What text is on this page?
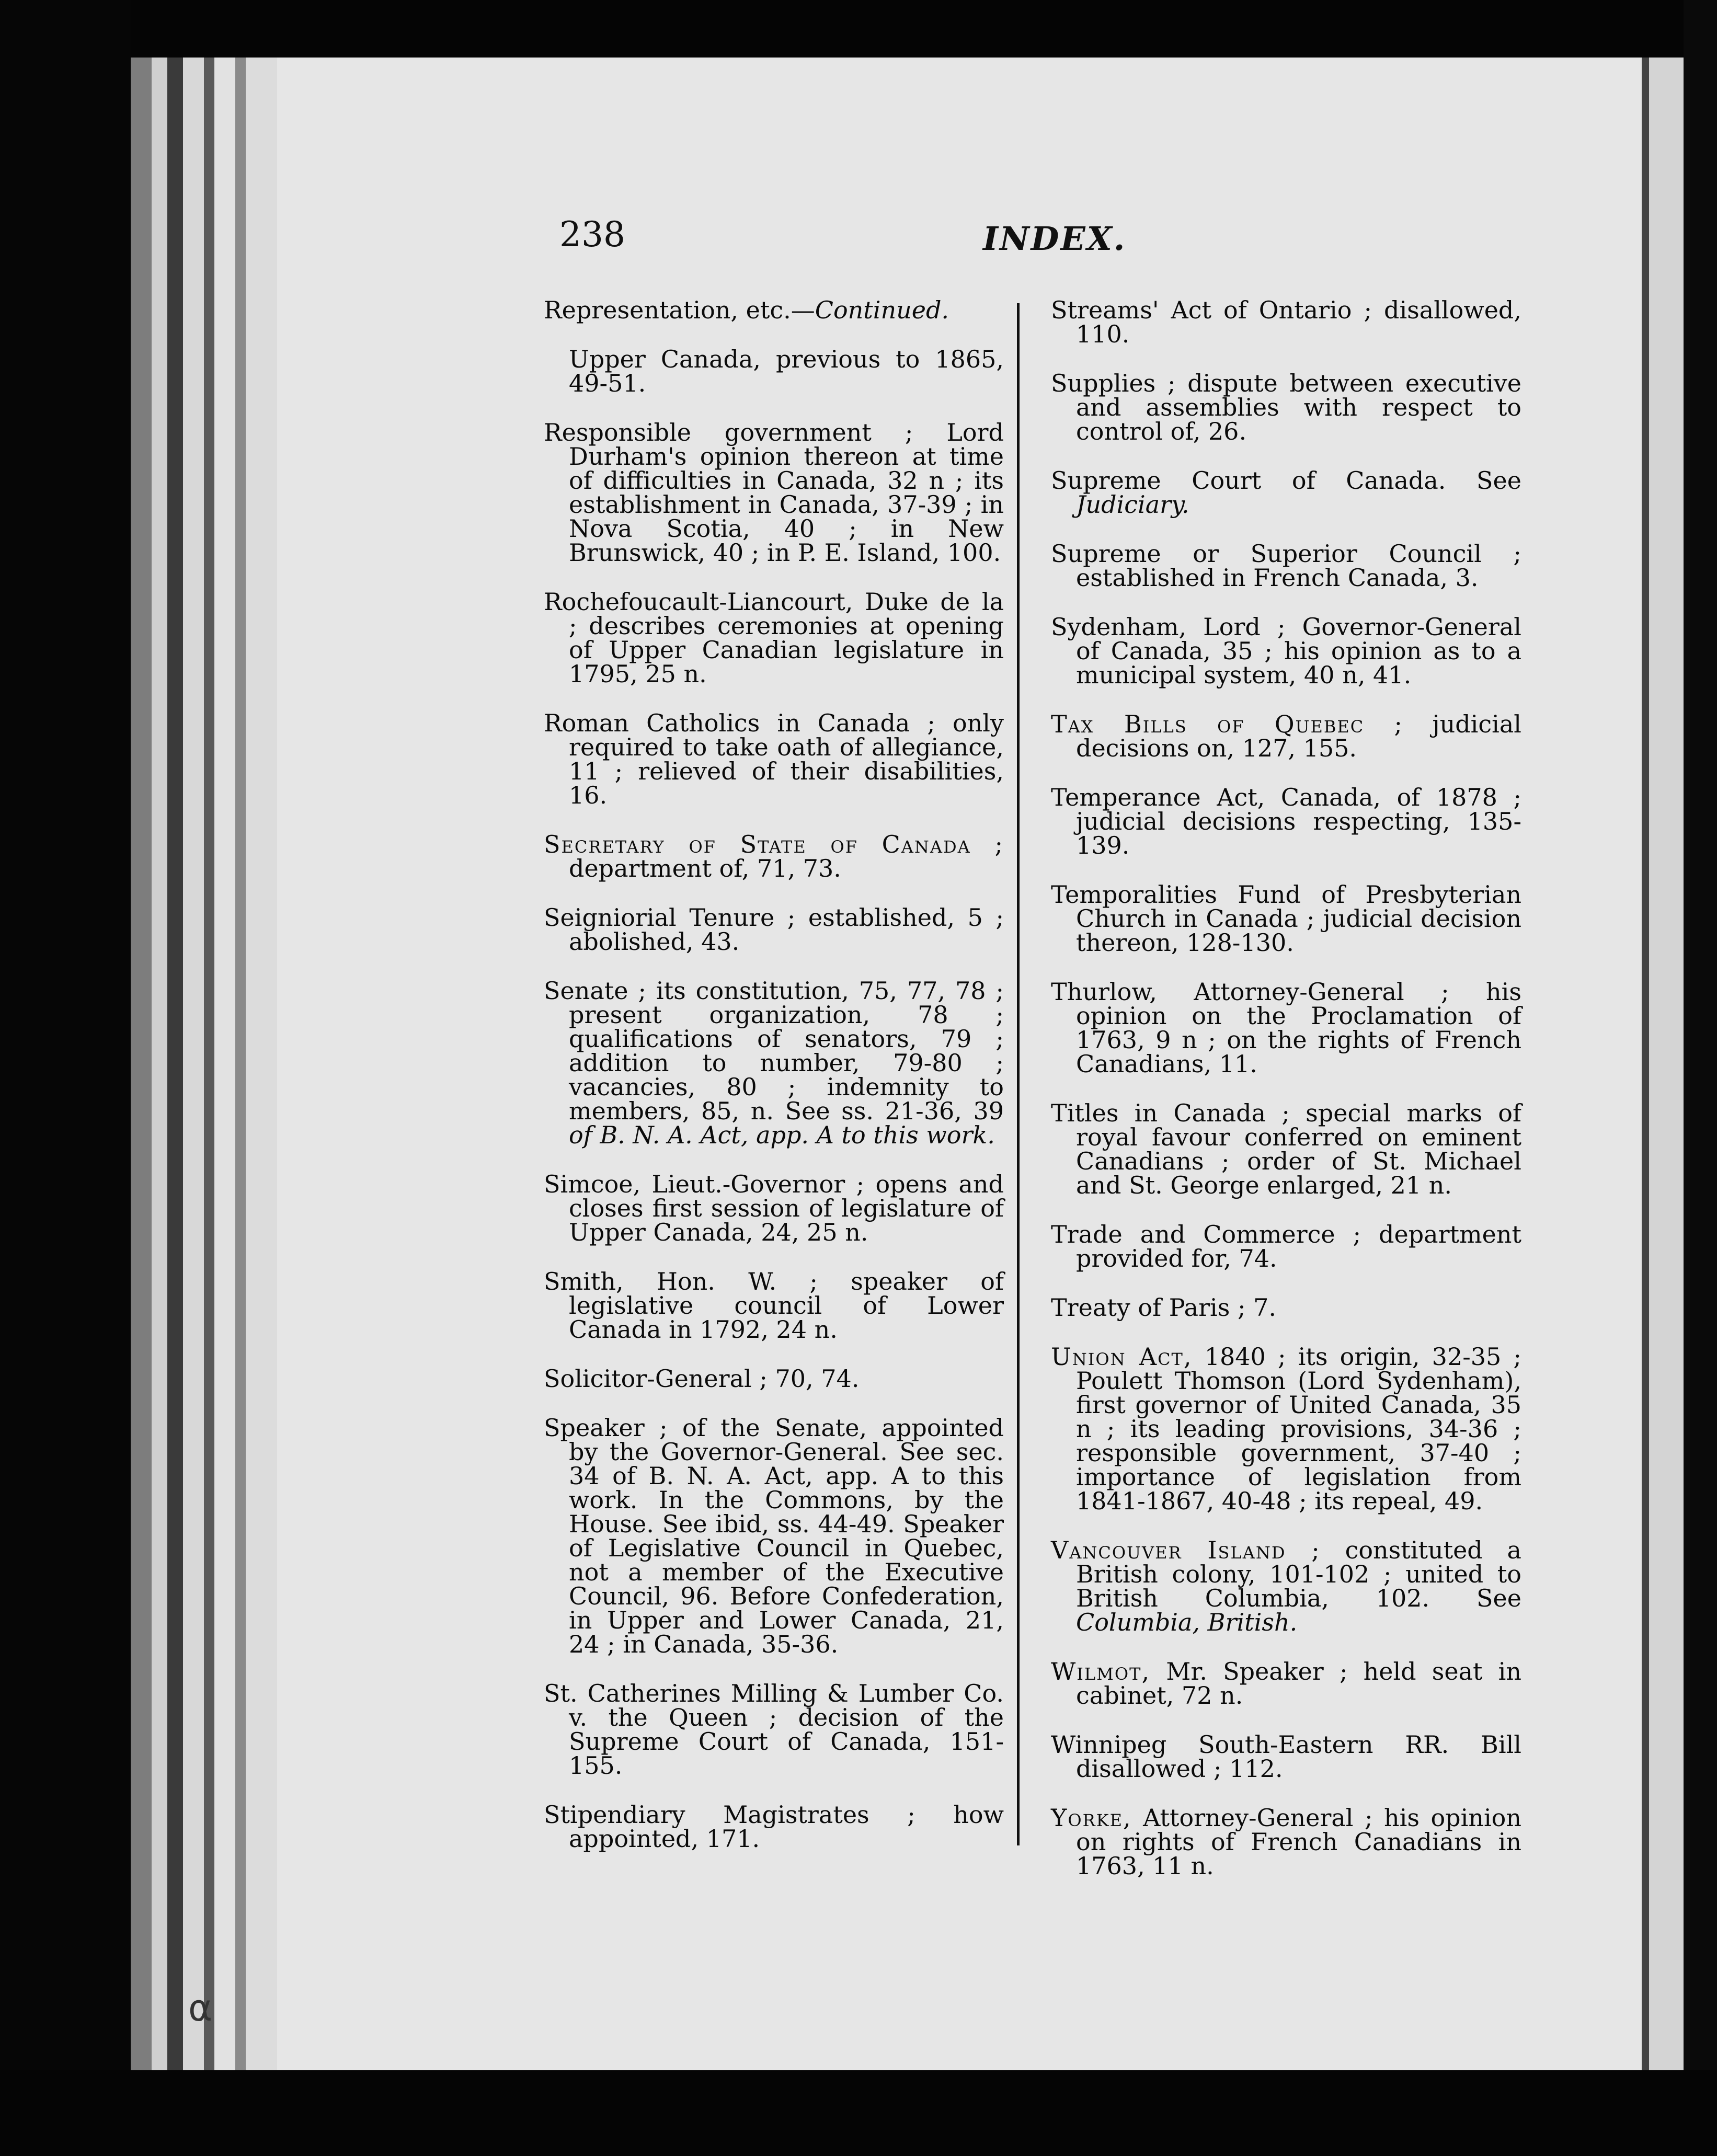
238	INDEX.

Representation, etc.—Continued.

Upper Canada, previous to 1865, 49-51.

Responsible government ; Lord Durham's opinion thereon at time of difficulties in Canada, 32 n ; its establishment in Canada, 37-39 ; in Nova Scotia, 40 ; in New Brunswick, 40 ; in P. E. Island, 100.

Rochefoucault-Liancourt, Duke de la ; describes ceremonies at opening of Upper Canadian legislature in 1795, 25 n.

Roman Catholics in Canada ; only required to take oath of allegiance, 11 ; relieved of their disabilities, 16.

Secretary of State of Canada ; department of, 71, 73.

Seigniorial Tenure ; established, 5 ; abolished, 43.

Senate ; its constitution, 75, 77, 78 ; present organization, 78 ; qualifications of senators, 79 ; addition to number, 79-80 ; vacancies, 80 ; indemnity to members, 85, n. See ss. 21-36, 39 of B. N. A. Act, app. A to this work.

Simcoe, Lieut.-Governor ; opens and closes first session of legislature of Upper Canada, 24, 25 n.

Smith, Hon. W. ; speaker of legislative council of Lower Canada in 1792, 24 n.

Solicitor-General ; 70, 74.

Speaker ; of the Senate, appointed by the Governor-General. See sec. 34 of B. N. A. Act, app. A to this work. In the Commons, by the House. See ibid, ss. 44-49. Speaker of Legislative Council in Quebec, not a member of the Executive Council, 96. Before Confederation, in Upper and Lower Canada, 21, 24 ; in Canada, 35-36.

St. Catherines Milling & Lumber Co. v. the Queen ; decision of the Supreme Court of Canada, 151-155.

Stipendiary Magistrates ; how appointed, 171.

Streams' Act of Ontario ; disallowed, 110.

Supplies ; dispute between executive and assemblies with respect to control of, 26.

Supreme Court of Canada. See Judiciary.

Supreme or Superior Council ; established in French Canada, 3.

Sydenham, Lord ; Governor-General of Canada, 35 ; his opinion as to a municipal system, 40 n, 41.

Tax Bills of Quebec ; judicial decisions on, 127, 155.

Temperance Act, Canada, of 1878 ; judicial decisions respecting, 135-139.

Temporalities Fund of Presbyterian Church in Canada ; judicial decision thereon, 128-130.

Thurlow, Attorney-General ; his opinion on the Proclamation of 1763, 9 n ; on the rights of French Canadians, 11.

Titles in Canada ; special marks of royal favour conferred on eminent Canadians ; order of St. Michael and St. George enlarged, 21 n.

Trade and Commerce ; department provided for, 74.

Treaty of Paris ; 7.

Union Act, 1840 ; its origin, 32-35 ; Poulett Thomson (Lord Sydenham), first governor of United Canada, 35 n ; its leading provisions, 34-36 ; responsible government, 37-40 ; importance of legislation from 1841-1867, 40-48 ; its repeal, 49.

Vancouver Island ; constituted a British colony, 101-102 ; united to British Columbia, 102. See Columbia, British.

Wilmot, Mr. Speaker ; held seat in cabinet, 72 n.

Winnipeg South-Eastern RR. Bill disallowed ; 112.

Yorke, Attorney-General ; his opinion on rights of French Canadians in 1763, 11 n.

α
